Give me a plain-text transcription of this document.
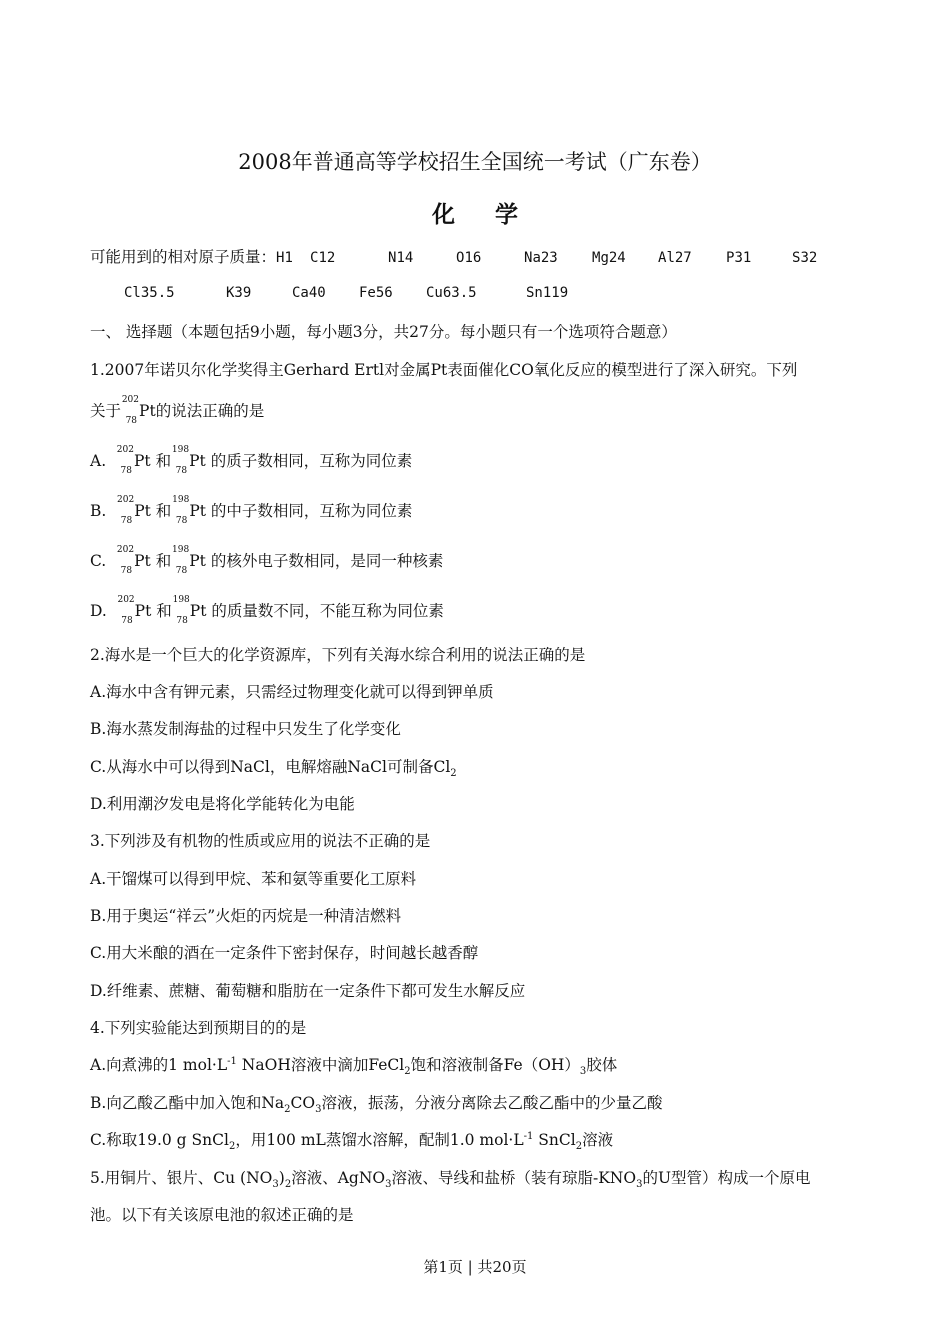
2008年普通高等学校招生全国统一考试（广东卷）
化学
可能用到的相对原子质量：H1 C12	N14	O16	Na23 Mg24 Al27 P31	S32
Cl35.5	K39	Ca40 Fe56 Cu63.5	Sn119
一、 选择题（本题包括9小题，每小题3分，共27分。每小题只有一个选项符合题意）
1.2007年诺贝尔化学奖得主Gerhard Ertl对金属Pt表面催化CO氧化反应的模型进行了深入研究。下列
关于
202
78
Pt的说法正确的是
A.
202
78
Pt 和
198
78
Pt 的质子数相同，互称为同位素
B.
202
78
Pt 和
198
78
Pt 的中子数相同，互称为同位素
C.
202
78
Pt 和
198
78
Pt 的核外电子数相同，是同一种核素
D.
202
78
Pt 和
198
78
Pt 的质量数不同，不能互称为同位素
2.海水是一个巨大的化学资源库，下列有关海水综合利用的说法正确的是
A.海水中含有钾元素，只需经过物理变化就可以得到钾单质
B.海水蒸发制海盐的过程中只发生了化学变化
C.从海水中可以得到NaCl，电解熔融NaCl可制备$Cl_2$
D.利用潮汐发电是将化学能转化为电能
3.下列涉及有机物的性质或应用的说法不正确的是
A.干馏煤可以得到甲烷、苯和氨等重要化工原料
B.用于奥运“祥云”火炬的丙烷是一种清洁燃料
C.用大米酿的酒在一定条件下密封保存，时间越长越香醇
D.纤维素、蔗糖、葡萄糖和脂肪在一定条件下都可发生水解反应
4.下列实验能达到预期目的的是
A.向煮沸的1 $mol\cdot L^{-1}$ NaOH溶液中滴加FeCl$_2$饱和溶液制备$Fe(OH)_3$胶体
B.向乙酸乙酯中加入饱和$Na_2CO_3$溶液，振荡，分液分离除去乙酸乙酯中的少量乙酸
C.称取19.0 g SnCl$_2$，用100 mL蒸馏水溶解，配制1.0 $mol\cdot L^{-1}$ SnCl$_2$溶液
5.用铜片、银片、Cu $(NO_3)_2$溶液、AgNO$_3$溶液、导线和盐桥（装有琼脂$-KNO_3$的U型管）构成一个原电
池。以下有关该原电池的叙述正确的是
第1页 | 共20页
